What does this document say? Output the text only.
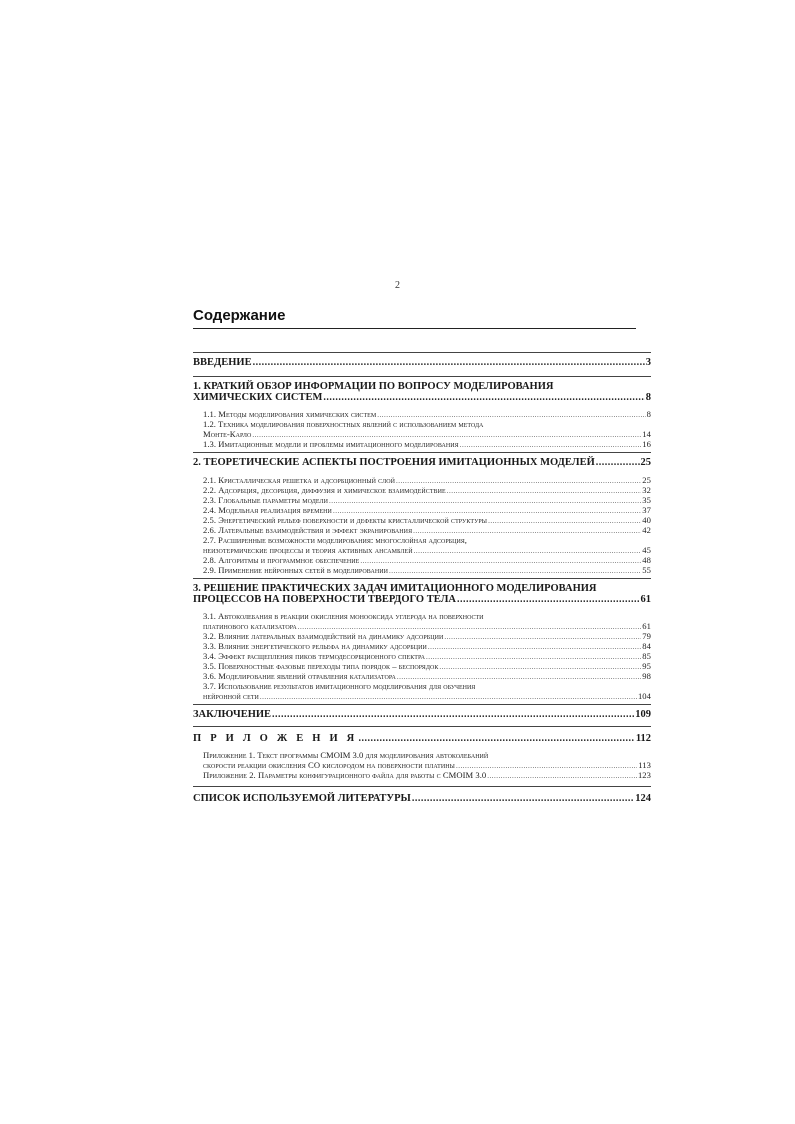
2
Содержание
ВВЕДЕНИЕ .....	3
1. КРАТКИЙ ОБЗОР ИНФОРМАЦИИ ПО ВОПРОСУ МОДЕЛИРОВАНИЯ
ХИМИЧЕСКИХ СИСТЕМ .....	8
1.1. Методы моделирования химических систем .....	8
1.2. Техника моделирования поверхностных явлений с использованием метода
Монте-Карло .....	14
1.3. Имитационные модели и проблемы имитационного моделирования .....	16
2. ТЕОРЕТИЧЕСКИЕ АСПЕКТЫ ПОСТРОЕНИЯ ИМИТАЦИОННЫХ МОДЕЛЕЙ .....	25
2.1. Кристаллическая решетка и адсорбционный слой .....	25
2.2. Адсорбция, десорбция, диффузия и химическое взаимодействие .....	32
2.3. Глобальные параметры модели .....	35
2.4. Модельная реализация времени .....	37
2.5. Энергетический рельеф поверхности и дефекты кристаллической структуры .....	40
2.6. Латеральные взаимодействия и эффект экранирования .....	42
2.7. Расширенные возможности моделирования: многослойная адсорбция,
неизотермические процессы и теория активных ансамблей .....	45
2.8. Алгоритмы и программное обеспечение .....	48
2.9. Применение нейронных сетей в моделировании .....	55
3. РЕШЕНИЕ ПРАКТИЧЕСКИХ ЗАДАЧ ИМИТАЦИОННОГО МОДЕЛИРОВАНИЯ
ПРОЦЕССОВ НА ПОВЕРХНОСТИ ТВЕРДОГО ТЕЛА .....	61
3.1. Автоколебания в реакции окисления монооксида углерода на поверхности
платинового катализатора .....	61
3.2. Влияние латеральных взаимодействий на динамику адсорбции .....	79
3.3. Влияние энергетического рельефа на динамику адсорбции .....	84
3.4. Эффект расщепления пиков термодесорбционного спектра .....	85
3.5. Поверхностные фазовые переходы типа порядок – беспорядок .....	95
3.6. Моделирование явлений отравления катализатора .....	98
3.7. Использование результатов имитационного моделирования для обучения
нейронной сети .....	104
ЗАКЛЮЧЕНИЕ .....	109
П Р И Л О Ж Е Н И Я .....	112
Приложение 1. Текст программы CMOIM 3.0 для моделирования автоколебаний
скорости реакции окисления CO кислородом на поверхности платины .....	113
Приложение 2. Параметры конфигурационного файла для работы с CMOIM 3.0 .....	123
СПИСОК ИСПОЛЬЗУЕМОЙ ЛИТЕРАТУРЫ .....	124
